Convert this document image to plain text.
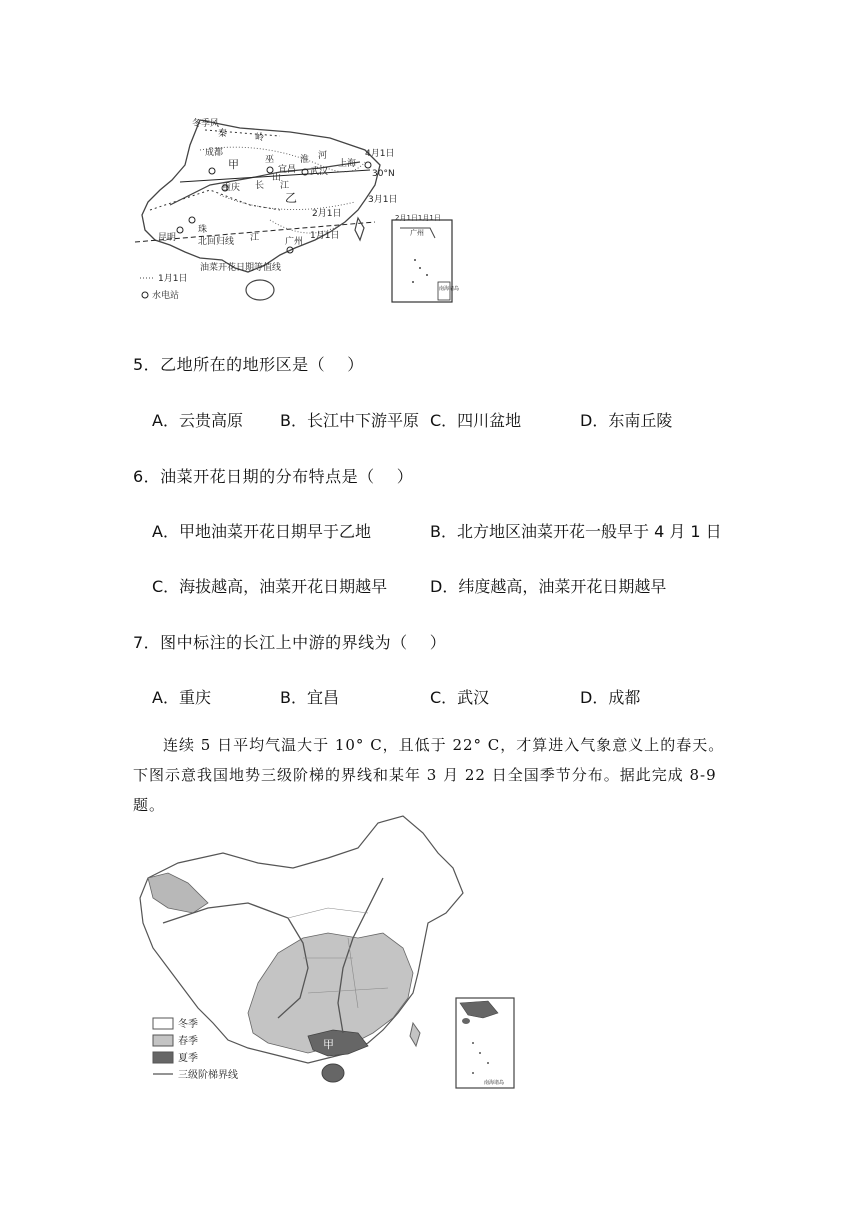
冬季风
秦	岭
成都
甲	巫
山
宜昌
淮 河
上海
武汉
4月1日
30°N
重庆 长 江
乙
2月1日
3月1日
昆明 北回归线
珠
江	广州
1月1日
2月1日1月1日
广州
南海诸岛
1月1日
油菜开花日期等值线
水电站
5．乙地所在的地形区是（　 ）
A．云贵高原 B．长江中下游平原 C．四川盆地	D．东南丘陵
6．油菜开花日期的分布特点是（　 ）
A．甲地油菜开花日期早于乙地	B．北方地区油菜开花一般早于 4 月 1 日
C．海拔越高，油菜开花日期越早	D．纬度越高，油菜开花日期越早
7．图中标注的长江上中游的界线为（　 ）
A．重庆	B．宜昌	C．武汉	D．成都
连续 5 日平均气温大于 10° C，且低于 22° C，才算进入气象意义上的春天。下图示意我国地势三级阶梯的界线和某年 3 月 22 日全国季节分布。据此完成 8-9 题。
甲
南海诸岛
冬季
春季
夏季
三级阶梯界线
